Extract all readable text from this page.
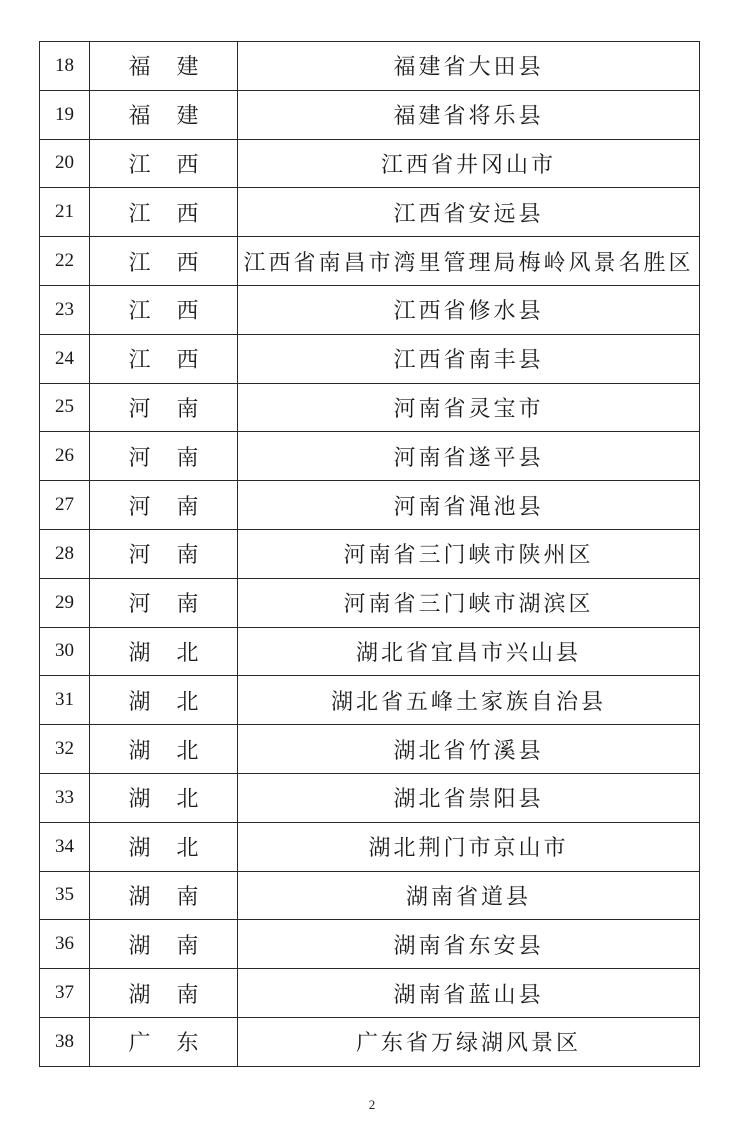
18	福建	福建省大田县
19	福建	福建省将乐县
20	江西	江西省井冈山市
21	江西	江西省安远县
22	江西	江西省南昌市湾里管理局梅岭风景名胜区
23	江西	江西省修水县
24	江西	江西省南丰县
25	河南	河南省灵宝市
26	河南	河南省遂平县
27	河南	河南省渑池县
28	河南	河南省三门峡市陕州区
29	河南	河南省三门峡市湖滨区
30	湖北	湖北省宜昌市兴山县
31	湖北	湖北省五峰土家族自治县
32	湖北	湖北省竹溪县
33	湖北	湖北省崇阳县
34	湖北	湖北荆门市京山市
35	湖南	湖南省道县
36	湖南	湖南省东安县
37	湖南	湖南省蓝山县
38	广东	广东省万绿湖风景区
2
